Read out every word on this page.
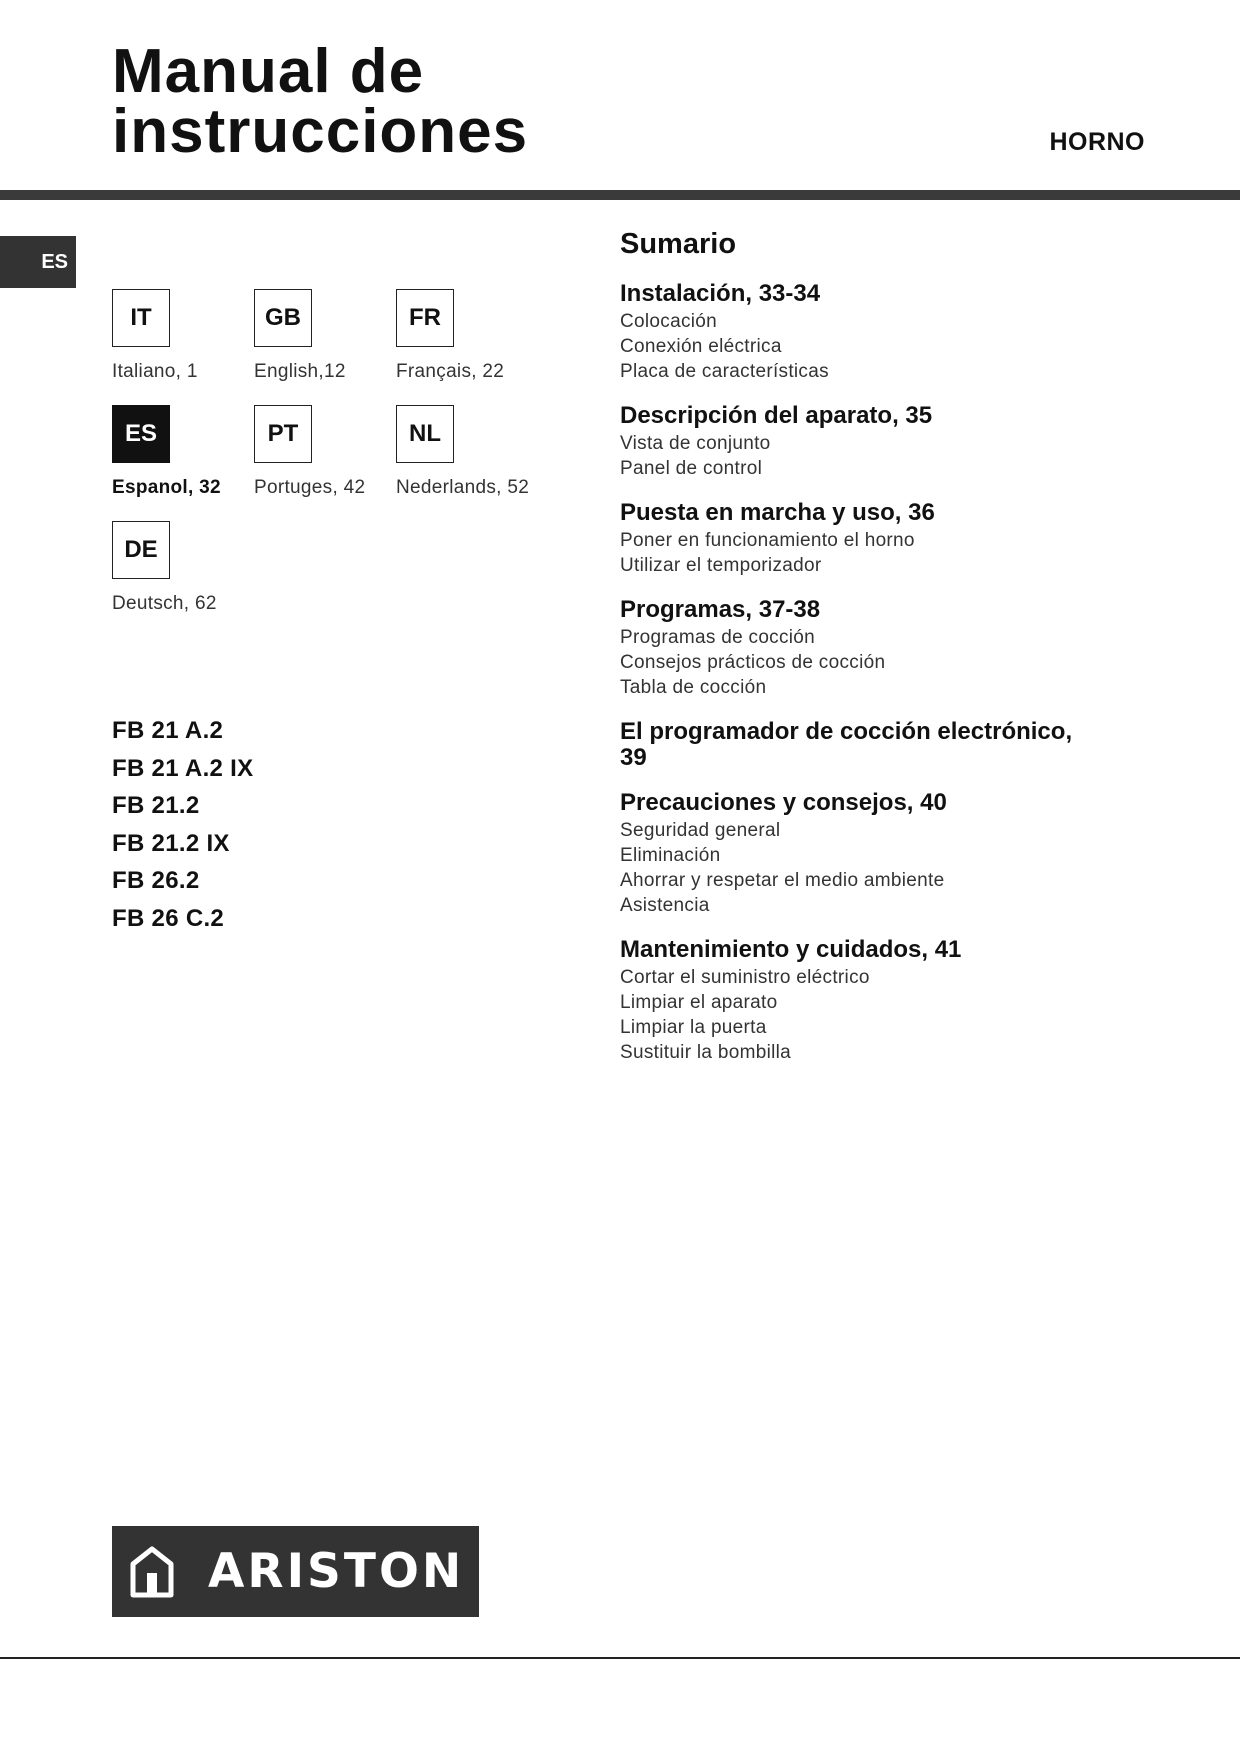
Manual de
instrucciones	HORNO
ES
IT
Italiano, 1
GB
English,12
FR
Français, 22
ES
Espanol, 32
PT
Portuges, 42
NL
Nederlands, 52
DE
Deutsch, 62
FB 21 A.2
FB 21 A.2 IX
FB 21.2
FB 21.2 IX
FB 26.2
FB 26 C.2
Sumario
Instalación, 33-34
Colocación
Conexión eléctrica
Placa de características
Descripción del aparato, 35
Vista de conjunto
Panel de control
Puesta en marcha y uso, 36
Poner en funcionamiento el horno
Utilizar el temporizador
Programas, 37-38
Programas de cocción
Consejos prácticos de cocción
Tabla de cocción
El programador de cocción electrónico,
39
Precauciones y consejos, 40
Seguridad general
Eliminación
Ahorrar y respetar el medio ambiente
Asistencia
Mantenimiento y cuidados, 41
Cortar el suministro eléctrico
Limpiar el aparato
Limpiar la puerta
Sustituir la bombilla
ARISTON
